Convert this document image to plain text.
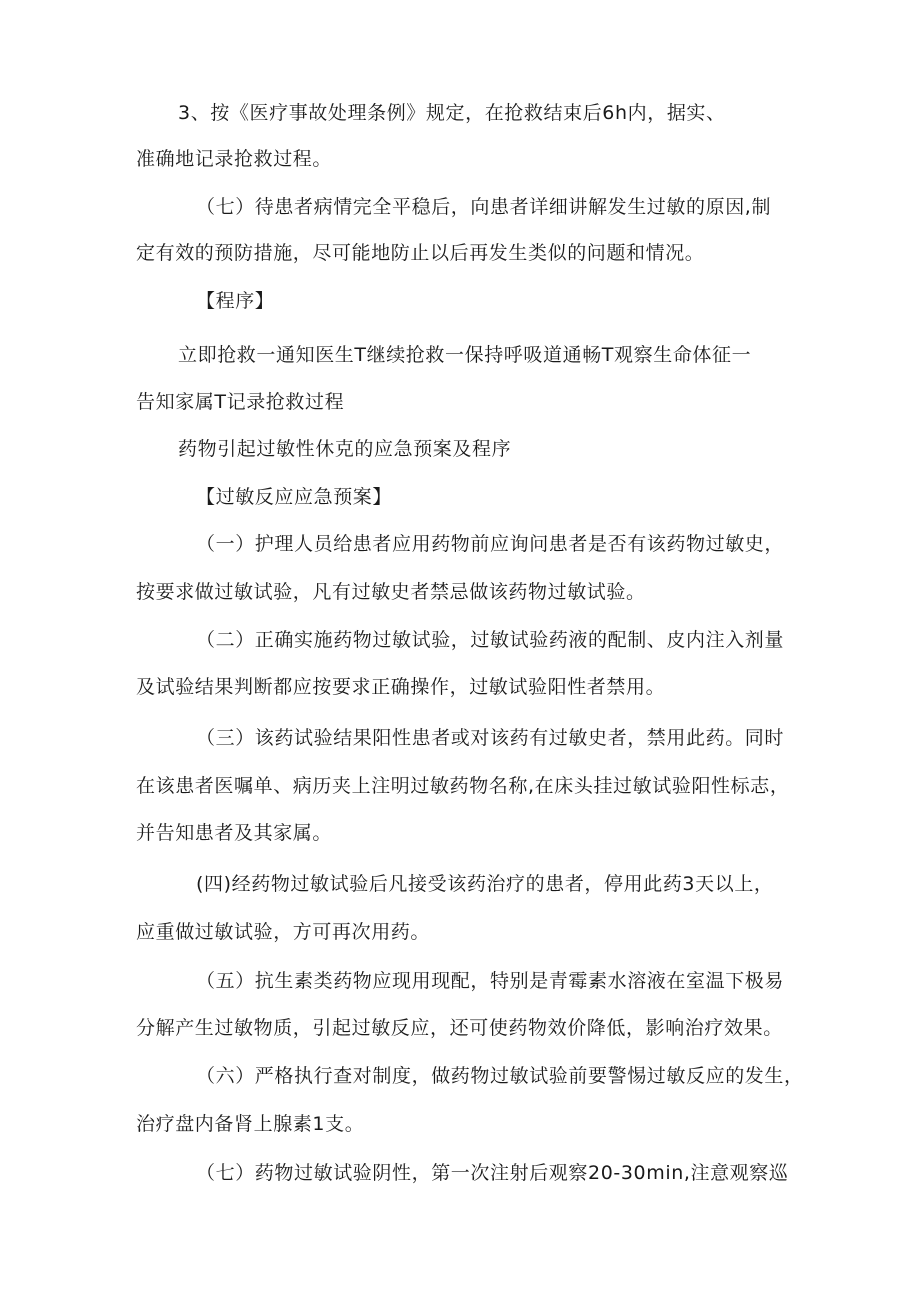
3、按《医疗事故处理条例》规定，在抢救结束后6h内，据实、
准确地记录抢救过程。
（七）待患者病情完全平稳后，向患者详细讲解发生过敏的原因,制
定有效的预防措施，尽可能地防止以后再发生类似的问题和情况。
【程序】
立即抢救一通知医生T继续抢救一保持呼吸道通畅T观察生命体征一
告知家属T记录抢救过程
药物引起过敏性休克的应急预案及程序
【过敏反应应急预案】
（一）护理人员给患者应用药物前应询问患者是否有该药物过敏史，
按要求做过敏试验，凡有过敏史者禁忌做该药物过敏试验。
（二）正确实施药物过敏试验，过敏试验药液的配制、皮内注入剂量
及试验结果判断都应按要求正确操作，过敏试验阳性者禁用。
（三）该药试验结果阳性患者或对该药有过敏史者，禁用此药。同时
在该患者医嘱单、病历夹上注明过敏药物名称,在床头挂过敏试验阳性标志，
并告知患者及其家属。
(四)经药物过敏试验后凡接受该药治疗的患者，停用此药3天以上，
应重做过敏试验，方可再次用药。
（五）抗生素类药物应现用现配，特别是青霉素水溶液在室温下极易
分解产生过敏物质，引起过敏反应，还可使药物效价降低，影响治疗效果。
（六）严格执行查对制度，做药物过敏试验前要警惕过敏反应的发生，
治疗盘内备肾上腺素1支。
（七）药物过敏试验阴性，第一次注射后观察20-30min,注意观察巡
